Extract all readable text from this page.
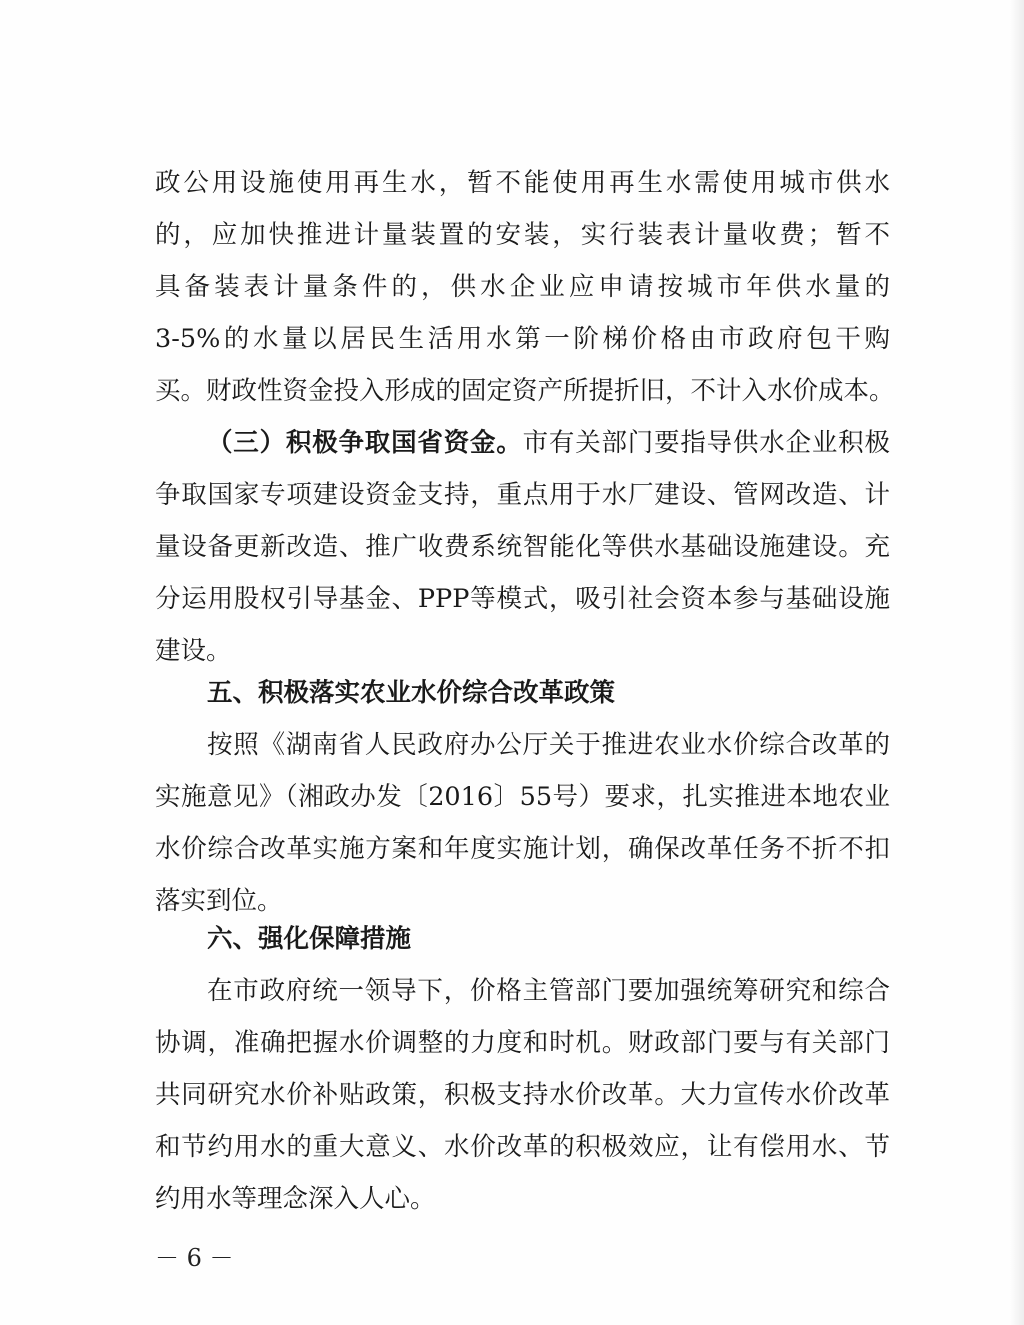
政公用设施使用再生水，暂不能使用再生水需使用城市供水
的，应加快推进计量装置的安装，实行装表计量收费；暂不
具备装表计量条件的，供水企业应申请按城市年供水量的
3-5%的水量以居民生活用水第一阶梯价格由市政府包干购
买。财政性资金投入形成的固定资产所提折旧，不计入水价成本。
（三）积极争取国省资金。市有关部门要指导供水企业积极
争取国家专项建设资金支持，重点用于水厂建设、管网改造、计
量设备更新改造、推广收费系统智能化等供水基础设施建设。充
分运用股权引导基金、PPP等模式，吸引社会资本参与基础设施
建设。
五、积极落实农业水价综合改革政策
按照《湖南省人民政府办公厅关于推进农业水价综合改革的
实施意见》（湘政办发〔2016〕55号）要求，扎实推进本地农业
水价综合改革实施方案和年度实施计划，确保改革任务不折不扣
落实到位。
六、强化保障措施
在市政府统一领导下，价格主管部门要加强统筹研究和综合
协调，准确把握水价调整的力度和时机。财政部门要与有关部门
共同研究水价补贴政策，积极支持水价改革。大力宣传水价改革
和节约用水的重大意义、水价改革的积极效应，让有偿用水、节
约用水等理念深入人心。
－ 6 －
